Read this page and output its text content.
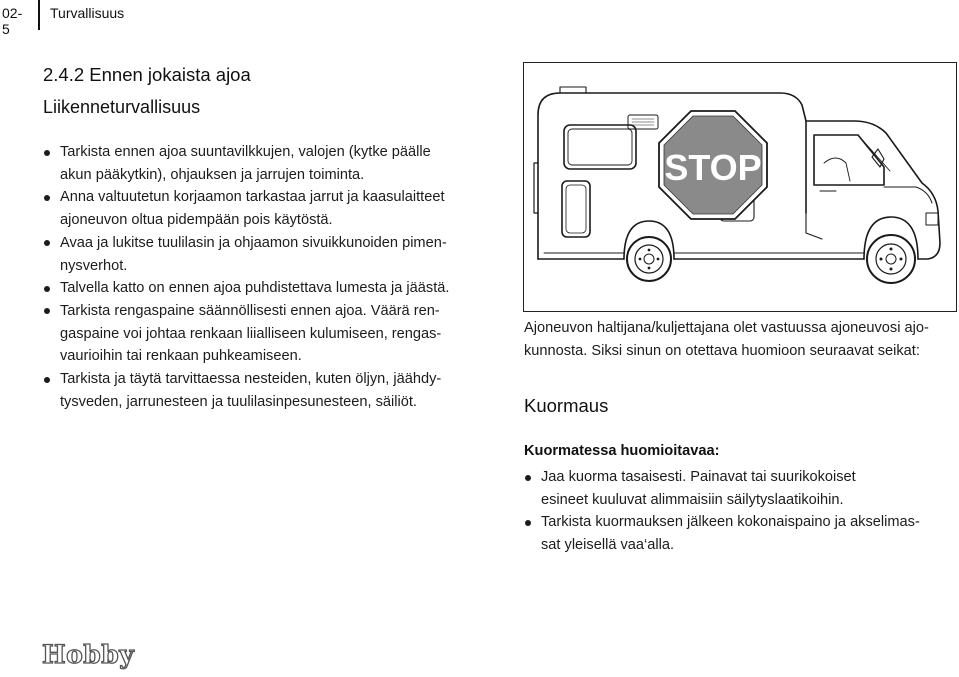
02-5
Turvallisuus
2.4.2 Ennen jokaista ajoa
Liikenneturvallisuus
Tarkista ennen ajoa suuntavilkkujen, valojen (kytke päälle
akun pääkytkin), ohjauksen ja jarrujen toiminta.
Anna valtuutetun korjaamon tarkastaa jarrut ja kaasulaitteet
ajoneuvon oltua pidempään pois käytöstä.
Avaa ja lukitse tuulilasin ja ohjaamon sivuikkunoiden pimen-
nysverhot.
Talvella katto on ennen ajoa puhdistettava lumesta ja jäästä.
Tarkista rengaspaine säännöllisesti ennen ajoa. Väärä ren-
gaspaine voi johtaa renkaan liialliseen kulumiseen, rengas-
vaurioihin tai renkaan puhkeamiseen.
Tarkista ja täytä tarvittaessa nesteiden, kuten öljyn, jäähdy-
tysveden, jarrunesteen ja tuulilasinpesunesteen, säiliöt.
STOP
Ajoneuvon haltijana/kuljettajana olet vastuussa ajoneuvosi ajo-
kunnosta. Siksi sinun on otettava huomioon seuraavat seikat:
Kuormaus
Kuormatessa huomioitavaa:
Jaa kuorma tasaisesti. Painavat tai suurikokoiset
esineet kuuluvat alimmaisiin säilytyslaatikoihin.
Tarkista kuormauksen jälkeen kokonaispaino ja akselimas-
sat yleisellä vaa‘alla.
Hobby
